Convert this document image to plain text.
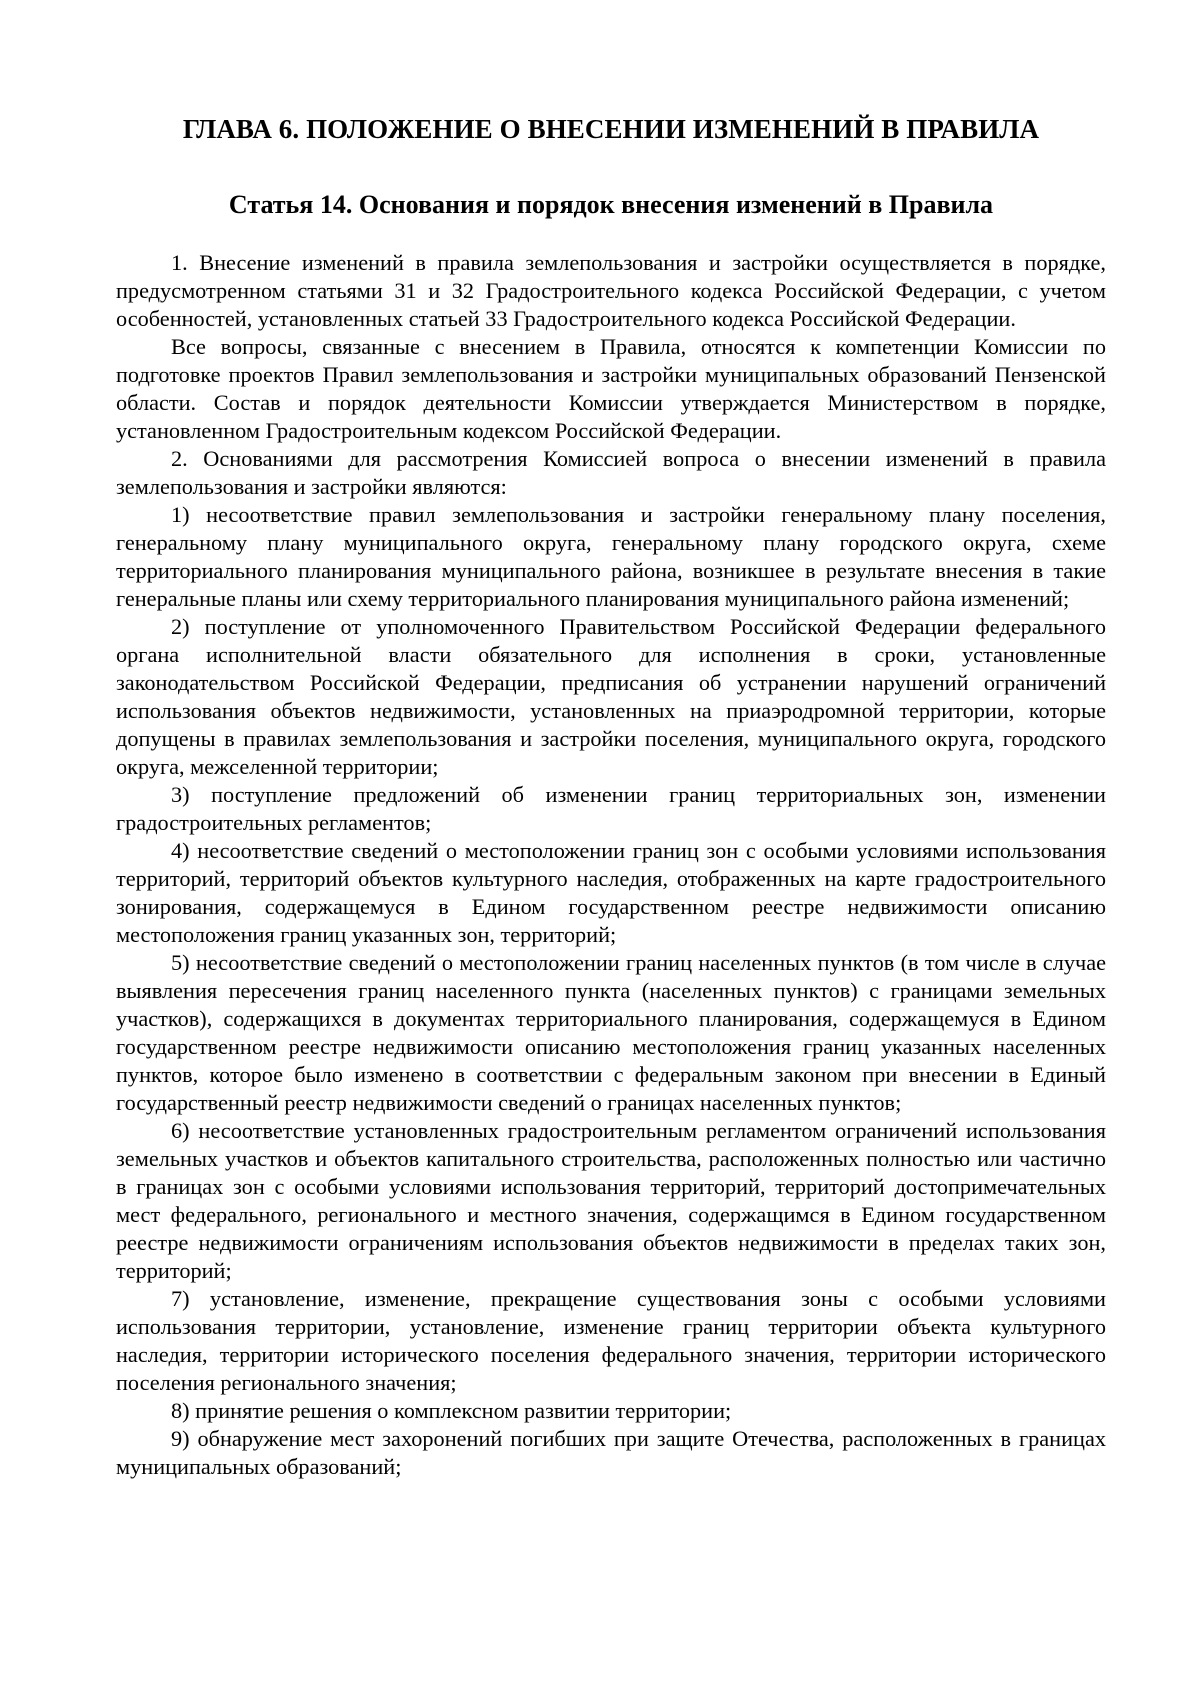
ГЛАВА 6. ПОЛОЖЕНИЕ О ВНЕСЕНИИ ИЗМЕНЕНИЙ В ПРАВИЛА
Статья 14. Основания и порядок внесения изменений в Правила

1. Внесение изменений в правила землепользования и застройки осуществляется в порядке, предусмотренном статьями 31 и 32 Градостроительного кодекса Российской Федерации, с учетом особенностей, установленных статьей 33 Градостроительного кодекса Российской Федерации.

Все вопросы, связанные с внесением в Правила, относятся к компетенции Комиссии по подготовке проектов Правил землепользования и застройки муниципальных образований Пензенской области. Состав и порядок деятельности Комиссии утверждается Министерством в порядке, установленном Градостроительным кодексом Российской Федерации.

2. Основаниями для рассмотрения Комиссией вопроса о внесении изменений в правила землепользования и застройки являются:

1) несоответствие правил землепользования и застройки генеральному плану поселения, генеральному плану муниципального округа, генеральному плану городского округа, схеме территориального планирования муниципального района, возникшее в результате внесения в такие генеральные планы или схему территориального планирования муниципального района изменений;

2) поступление от уполномоченного Правительством Российской Федерации федерального органа исполнительной власти обязательного для исполнения в сроки, установленные законодательством Российской Федерации, предписания об устранении нарушений ограничений использования объектов недвижимости, установленных на приаэродромной территории, которые допущены в правилах землепользования и застройки поселения, муниципального округа, городского округа, межселенной территории;

3) поступление предложений об изменении границ территориальных зон, изменении градостроительных регламентов;

4) несоответствие сведений о местоположении границ зон с особыми условиями использования территорий, территорий объектов культурного наследия, отображенных на карте градостроительного зонирования, содержащемуся в Едином государственном реестре недвижимости описанию местоположения границ указанных зон, территорий;

5) несоответствие сведений о местоположении границ населенных пунктов (в том числе в случае выявления пересечения границ населенного пункта (населенных пунктов) с границами земельных участков), содержащихся в документах территориального планирования, содержащемуся в Едином государственном реестре недвижимости описанию местоположения границ указанных населенных пунктов, которое было изменено в соответствии с федеральным законом при внесении в Единый государственный реестр недвижимости сведений о границах населенных пунктов;

6) несоответствие установленных градостроительным регламентом ограничений использования земельных участков и объектов капитального строительства, расположенных полностью или частично в границах зон с особыми условиями использования территорий, территорий достопримечательных мест федерального, регионального и местного значения, содержащимся в Едином государственном реестре недвижимости ограничениям использования объектов недвижимости в пределах таких зон, территорий;

7) установление, изменение, прекращение существования зоны с особыми условиями использования территории, установление, изменение границ территории объекта культурного наследия, территории исторического поселения федерального значения, территории исторического поселения регионального значения;

8) принятие решения о комплексном развитии территории;

9) обнаружение мест захоронений погибших при защите Отечества, расположенных в границах муниципальных образований;
